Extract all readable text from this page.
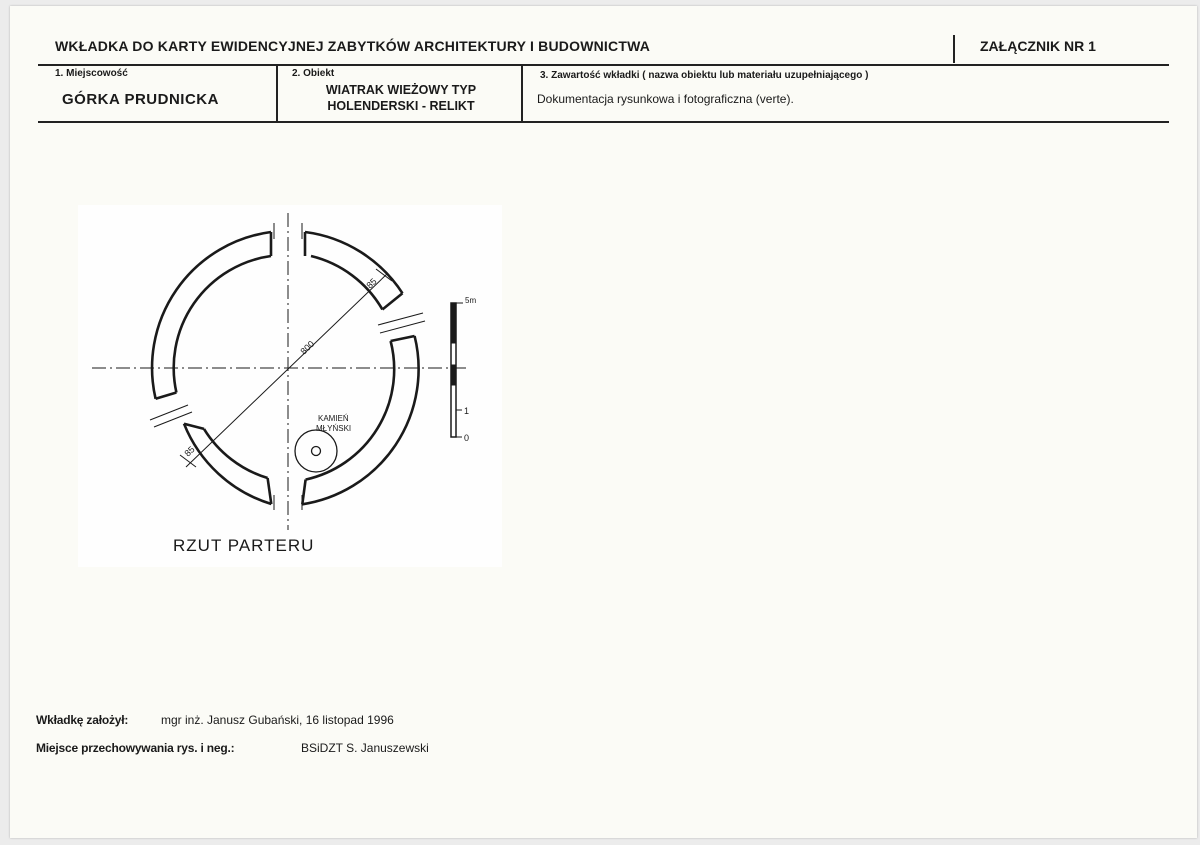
WKŁADKA DO KARTY EWIDENCYJNEJ ZABYTKÓW ARCHITEKTURY I BUDOWNICTWA	ZAŁĄCZNIK NR 1
1. Miejscowość
GÓRKA PRUDNICKA
2. Obiekt
WIATRAK WIEŻOWY TYP
HOLENDERSKI - RELIKT
3. Zawartość wkładki ( nazwa obiektu lub materiału uzupełniającego )
Dokumentacja rysunkowa i fotograficzna (verte).
800
85
85
KAMIEŃ
MŁYŃSKI
5m
1
0
RZUT PARTERU
Wkładkę założył:	mgr inż. Janusz Gubański, 16 listopad 1996
Miejsce przechowywania rys. i neg.:	BSiDZT S. Januszewski
